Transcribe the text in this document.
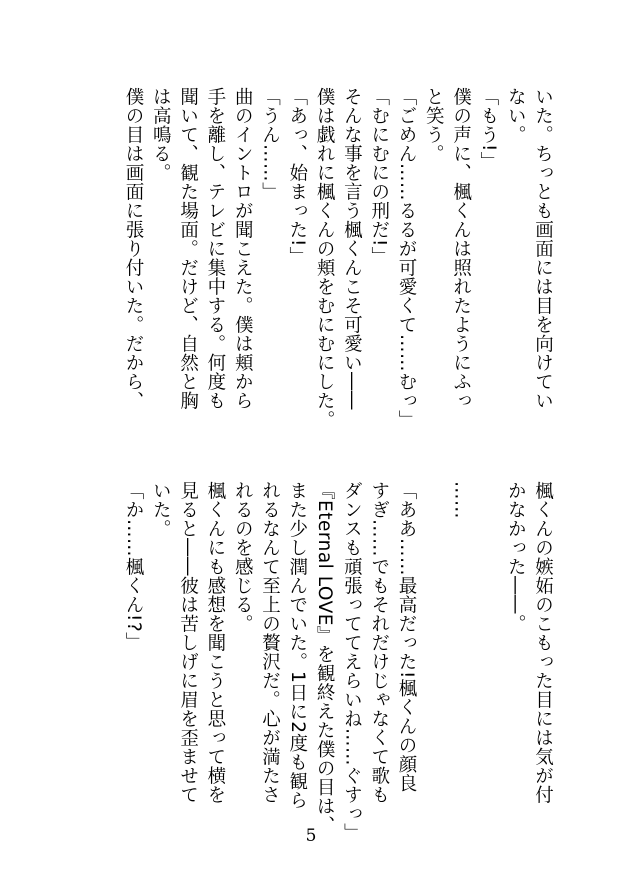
いた。ちっとも画面には目を向けてい
ない。
「もう!」
僕の声に、楓くんは照れたようにふっ
と笑う。
「ごめん……るるが可愛くて……むっ」
「むにむにの刑だ!」
そんな事を言う楓くんこそ可愛い――
僕は戯れに楓くんの頬をむにむにした。
「あっ、始まった!」
「うん……」
曲のイントロが聞こえた。僕は頬から
手を離し、テレビに集中する。何度も
聞いて、観た場面。だけど、自然と胸
は高鳴る。
僕の目は画面に張り付いた。だから、
楓くんの嫉妬のこもった目には気が付
かなかった――。
……
「ああ……最高だった!楓くんの顔良
すぎ……でもそれだけじゃなくて歌も
ダンスも頑張っててえらいね……ぐすっ」
『Eternal LOVE』を観終えた僕の目は、
また少し潤んでいた。1日に2度も観ら
れるなんて至上の贅沢だ。心が満たさ
れるのを感じる。
楓くんにも感想を聞こうと思って横を
見ると――彼は苦しげに眉を歪ませて
いた。
「か……楓くん!?」
5
